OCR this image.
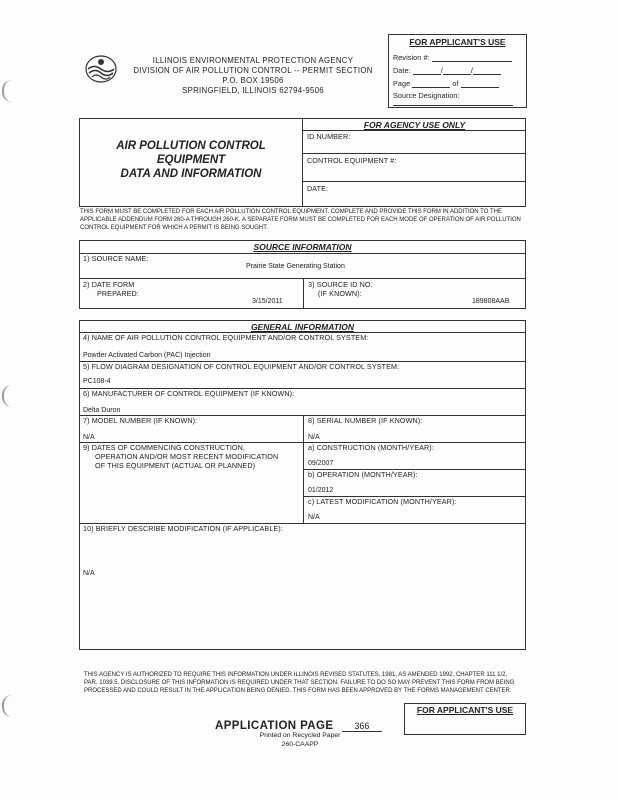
ILLINOIS ENVIRONMENTAL PROTECTION AGENCY
DIVISION OF AIR POLLUTION CONTROL -- PERMIT SECTION
P.O. BOX 19506
SPRINGFIELD, ILLINOIS 62794-9506
FOR APPLICANT'S USE
Revision #:
Date:	/	/
Page	of
Source Designation:
AIR POLLUTION CONTROL
EQUIPMENT
DATA AND INFORMATION
FOR AGENCY USE ONLY
ID NUMBER:
CONTROL EQUIPMENT #:
DATE:
THIS FORM MUST BE COMPLETED FOR EACH AIR POLLUTION CONTROL EQUIPMENT. COMPLETE AND PROVIDE THIS FORM IN ADDITION TO THE APPLICABLE ADDENDUM FORM 260-A THROUGH 260-K. A SEPARATE FORM MUST BE COMPLETED FOR EACH MODE OF OPERATION OF AIR POLLUTION CONTROL EQUIPMENT FOR WHICH A PERMIT IS BEING SOUGHT.
SOURCE INFORMATION
1) SOURCE NAME:
Prairie State Generating Station
2) DATE FORM
PREPARED:
3/15/2011
3) SOURCE ID NO.
(IF KNOWN):
189808AAB
GENERAL INFORMATION
4) NAME OF AIR POLLUTION CONTROL EQUIPMENT AND/OR CONTROL SYSTEM:
Powder Activated Carbon (PAC) Injection
5) FLOW DIAGRAM DESIGNATION OF CONTROL EQUIPMENT AND/OR CONTROL SYSTEM:
PC108-4
6) MANUFACTURER OF CONTROL EQUIPMENT (IF KNOWN):
Delta Duron
7) MODEL NUMBER (IF KNOWN):
N/A
8) SERIAL NUMBER (IF KNOWN):
N/A
9) DATES OF COMMENCING CONSTRUCTION,
OPERATION AND/OR MOST RECENT MODIFICATION
OF THIS EQUIPMENT (ACTUAL OR PLANNED)
a) CONSTRUCTION (MONTH/YEAR):
09/2007
b) OPERATION (MONTH/YEAR):
01/2012
c) LATEST MODIFICATION (MONTH/YEAR):
N/A
10) BRIEFLY DESCRIBE MODIFICATION (IF APPLICABLE):
N/A
THIS AGENCY IS AUTHORIZED TO REQUIRE THIS INFORMATION UNDER ILLINOIS REVISED STATUTES, 1981, AS AMENDED 1992, CHAPTER 111 1/2, PAR. 1039.5. DISCLOSURE OF THIS INFORMATION IS REQUIRED UNDER THAT SECTION. FAILURE TO DO SO MAY PREVENT THIS FORM FROM BEING PROCESSED AND COULD RESULT IN THE APPLICATION BEING DENIED. THIS FORM HAS BEEN APPROVED BY THE FORMS MANAGEMENT CENTER.
FOR APPLICANT'S USE
APPLICATION PAGE 366
Printed on Recycled Paper
260-CAAPP
